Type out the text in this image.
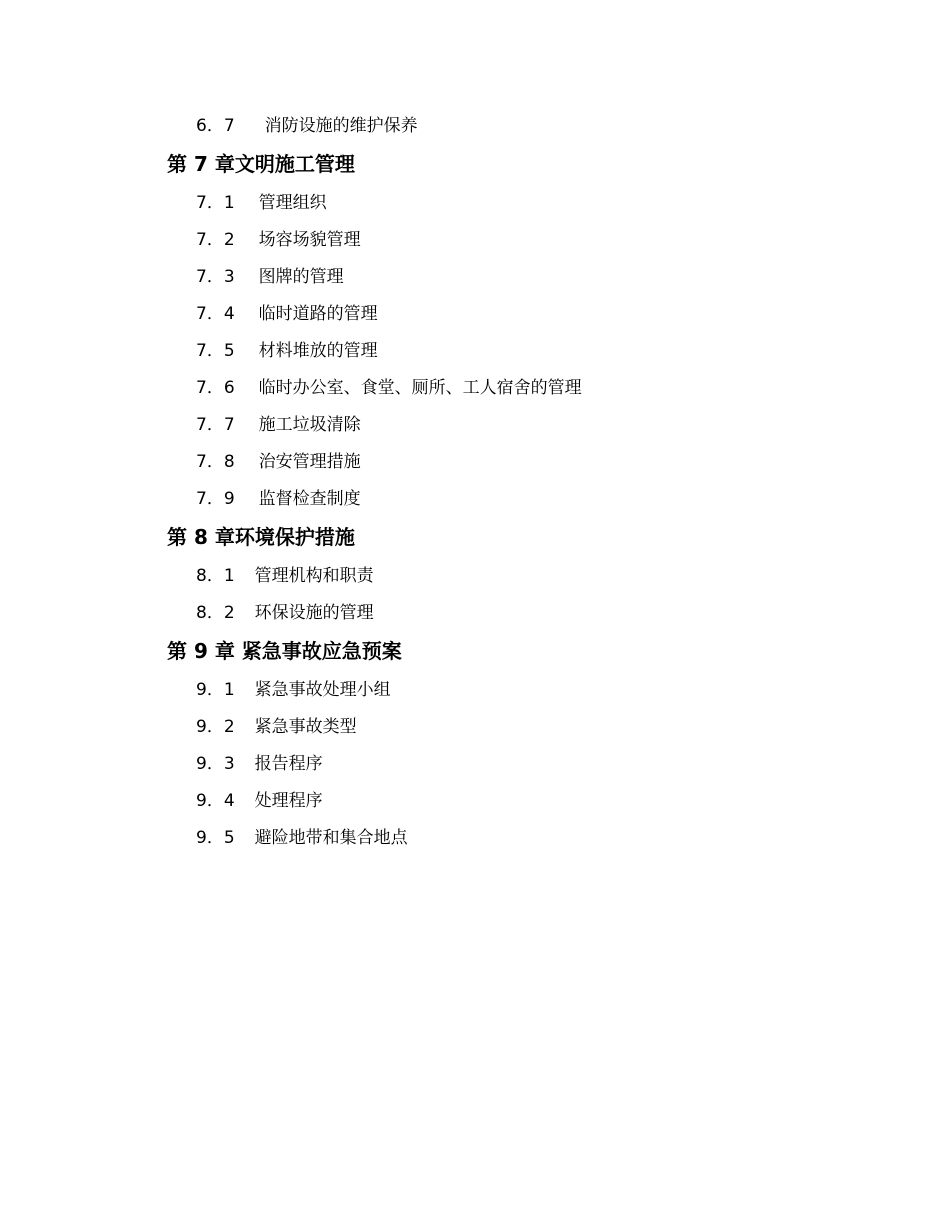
6．7 消防设施的维护保养
第 7 章文明施工管理
7．1 管理组织
7．2 场容场貌管理
7．3 图牌的管理
7．4 临时道路的管理
7．5 材料堆放的管理
7．6 临时办公室、食堂、厕所、工人宿舍的管理
7．7 施工垃圾清除
7．8 治安管理措施
7．9 监督检查制度
第 8 章环境保护措施
8．1 管理机构和职责
8．2 环保设施的管理
第 9 章 紧急事故应急预案
9．1 紧急事故处理小组
9．2 紧急事故类型
9．3 报告程序
9．4 处理程序
9．5 避险地带和集合地点
